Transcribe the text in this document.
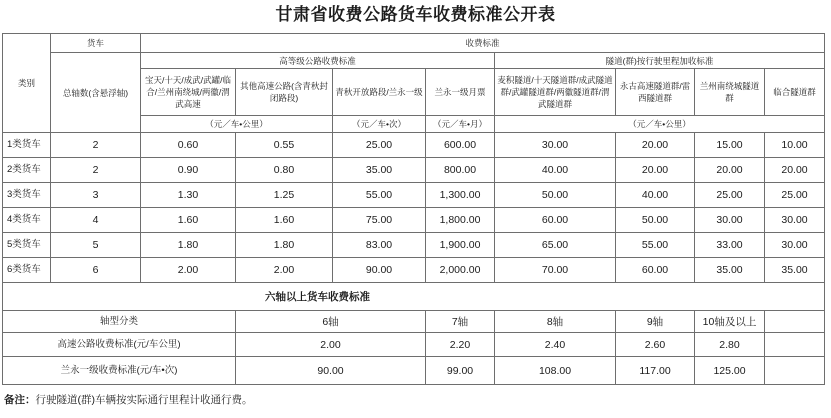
甘肃省收费公路货车收费标准公开表
类别	货车	收费标准							
	总轴数(含悬浮轴)	高等级公路收费标准				隧道(群)按行驶里程加收标准			
		宝天/十天/成武/武罐/临合/兰州南绕城/两徽/渭武高速	其他高速公路(含青秋封闭路段)	青秋开放路段/兰永一级	兰永一级月票	麦积隧道/十天隧道群/成武隧道群/武罐隧道群/两徽隧道群/渭武隧道群	永古高速隧道群/雷西隧道群	兰州南绕城隧道群	临合隧道群
		（元／车•公里）		（元／车•次）	（元／车•月）	（元／车•公里）			
1类货车	2	0.60	0.55	25.00	600.00	30.00	20.00	15.00	10.00
2类货车	2	0.90	0.80	35.00	800.00	40.00	20.00	20.00	20.00
3类货车	3	1.30	1.25	55.00	1,300.00	50.00	40.00	25.00	25.00
4类货车	4	1.60	1.60	75.00	1,800.00	60.00	50.00	30.00	30.00
5类货车	5	1.80	1.80	83.00	1,900.00	65.00	55.00	33.00	30.00
6类货车	6	2.00	2.00	90.00	2,000.00	70.00	60.00	35.00	35.00
六轴以上货车收费标准									
轴型分类			6轴		7轴	8轴	9轴	10轴及以上	
高速公路收费标准(元/车公里)			2.00		2.20	2.40	2.60	2.80	
兰永一级收费标准(元/车•次)			90.00		99.00	108.00	117.00	125.00	
备注：行驶隧道(群)车辆按实际通行里程计收通行费。
